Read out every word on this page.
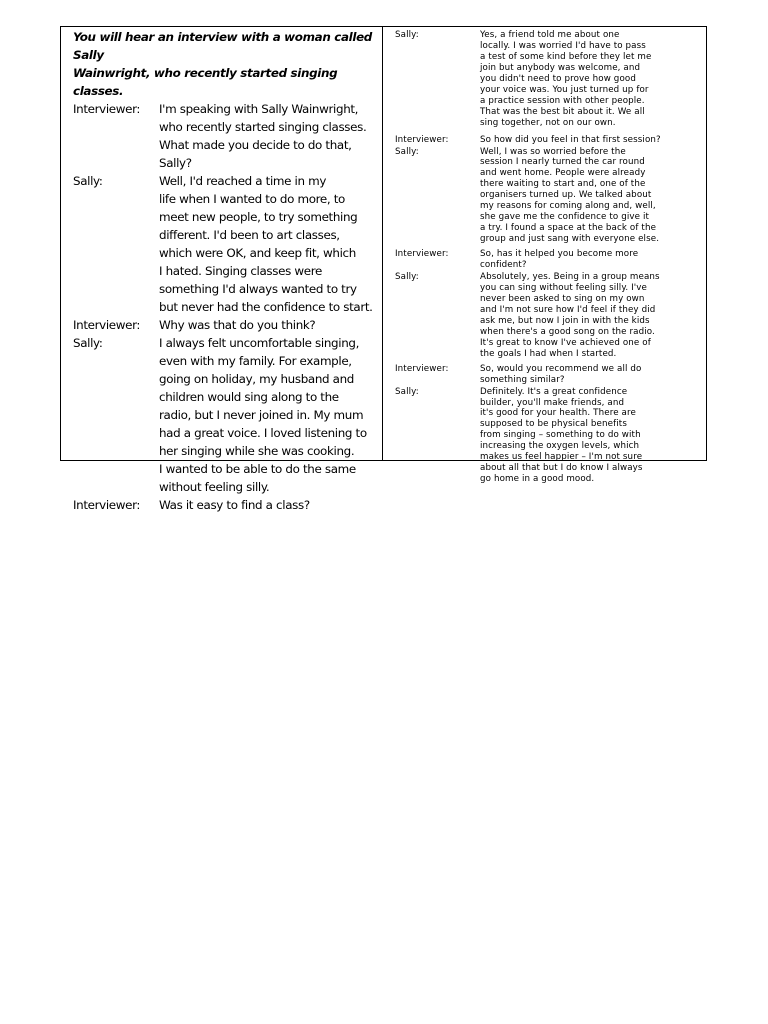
You will hear an interview with a woman called Sally
Wainwright, who recently started singing classes.
Interviewer:	I'm speaking with Sally Wainwright,
who recently started singing classes.
What made you decide to do that, Sally?
Sally:	Well, I'd reached a time in my
life when I wanted to do more, to
meet new people, to try something
different. I'd been to art classes,
which were OK, and keep fit, which
I hated. Singing classes were
something I'd always wanted to try
but never had the confidence to start.
Interviewer:	Why was that do you think?
Sally:	I always felt uncomfortable singing,
even with my family. For example,
going on holiday, my husband and
children would sing along to the
radio, but I never joined in. My mum
had a great voice. I loved listening to
her singing while she was cooking.
I wanted to be able to do the same
without feeling silly.
Interviewer:	Was it easy to find a class?
Sally:	Yes, a friend told me about one
locally. I was worried I'd have to pass
a test of some kind before they let me
join but anybody was welcome, and
you didn't need to prove how good
your voice was. You just turned up for
a practice session with other people.
That was the best bit about it. We all
sing together, not on our own.
Interviewer:	So how did you feel in that first session?
Sally:	Well, I was so worried before the
session I nearly turned the car round
and went home. People were already
there waiting to start and, one of the
organisers turned up. We talked about
my reasons for coming along and, well,
she gave me the confidence to give it
a try. I found a space at the back of the
group and just sang with everyone else.
Interviewer:	So, has it helped you become more
confident?
Sally:	Absolutely, yes. Being in a group means
you can sing without feeling silly. I've
never been asked to sing on my own
and I'm not sure how I'd feel if they did
ask me, but now I join in with the kids
when there's a good song on the radio.
It's great to know I've achieved one of
the goals I had when I started.
Interviewer:	So, would you recommend we all do
something similar?
Sally:	Definitely. It's a great confidence
builder, you'll make friends, and
it's good for your health. There are
supposed to be physical benefits
from singing – something to do with
increasing the oxygen levels, which
makes us feel happier – I'm not sure
about all that but I do know I always
go home in a good mood.
